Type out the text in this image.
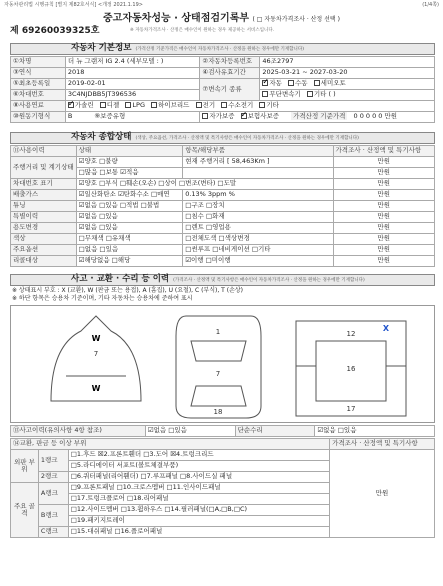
자동차관리법 시행규칙 [별지 제82호서식] <개정 2021.1.19>	(1/4쪽)
중고자동차성능 · 상태점검기록부 ( □ 자동차가격조사 · 산정 선택 )
제 69260039325호	※ 자동차가격조사 · 산정은 매수인이 원하는 경우 제공하는 서비스입니다.
자동차 기본정보 (가격산정 기준가격은 매수인이 자동차가격조사 · 산정을 원하는 경우에만 기재합니다)
①차명	더 뉴 그랜저 IG 2.4 (세부모델 : )	②자동차등록번호	46조2797
③연식	2018	④검사유효기간	2025-03-21 ~ 2027-03-20
⑤최초등록일	2019-02-01	⑦변속기 종류	✓자동 수동 세미오토
⑥차대번호	3C4NJDBB5JT396536		무단변속기 기타 ( )
⑧사용연료	✓가솔린 디젤 LPG 하이브리드 전기 수소전기 기타
⑩원동기형식	B ⑨보증유형	자가보증 ✓ 보험사보증 가격산정 기준가격 0 0 0 0 0 만원
자동차 종합상태 (색상, 주요옵션, 가격조사 · 산정액 및 특기사항은 매수인이 자동차가격조사 · 산정을 원하는 경우에만 기재합니다)
⑪사용이력	상태	항목/해당부품	가격조사 · 산정액 및 특기사항
주행거리 및 계기상태	☑양호 □불량	현재 주행거리 [ 58,463Km ]	만원
	□많음 □보통 ☑적음		만원
차대번호 표기	☑양호 □부식 □훼손(오손) □상이 □변조(변타) □도말		만원
배출가스	☑일산화탄소 ☑탄화수소 □매연	0.13% 3ppm %	만원
튜닝	☑없음 □있음 □적법 □불법	□구조 □장치	만원
특별이력	☑없음 □있음	□침수 □화재	만원
용도변경	☑없음 □있음	□렌트 □영업용	만원
색상	□무채색 □유채색	□전체도색 □색상변경	만원
주요옵션	□없음 □있음	□썬루프 □네비게이션 □기타	만원
리콜대상	☑해당없음 □해당	☑이행 □미이행	만원
사고 · 교환 · 수리 등 이력 (가격조사 · 산정액 및 특기사항은 매수인이 자동차가격조사 · 산정을 원하는 경우에만 기재합니다)
※ 상태표시 부호 : X (교환), W (판금 또는 용접), A (흠집), U (요철), C (부식), T (손상)
※ 하단 항목은 승용차 기준이며, 기타 자동차는 승용차에 준하여 표시
7
1
7
18
12
16
17
W
W
X
⑬사고이력(유의사항 4항 참조)	☑없음 □있음	단순수리	☑없음 □있음
⑭교환, 판금 등 이상 부위			가격조사 · 산정액 및 특기사항
외판 부위	1랭크	□1.후드 ☒2.프론트휀더 □3.도어 ☒4.트렁크리드	만원
		□5.라디에이터 서포트(볼트체결부품)	
	2랭크	□6.쿼터패널(리어휀더) □7.루프패널 □8.사이드실 패널	
주요 골격	A랭크	□9.프론트패널 □10.크로스멤버 □11.인사이드패널	
		□17.트렁크플로어 □18.리어패널	
	B랭크	□12.사이드멤버 □13.휠하우스 □14.필러패널(□A,□B,□C)	
		□19.패키지트레이	
	C랭크	□15.대쉬패널 □16.플로어패널	
